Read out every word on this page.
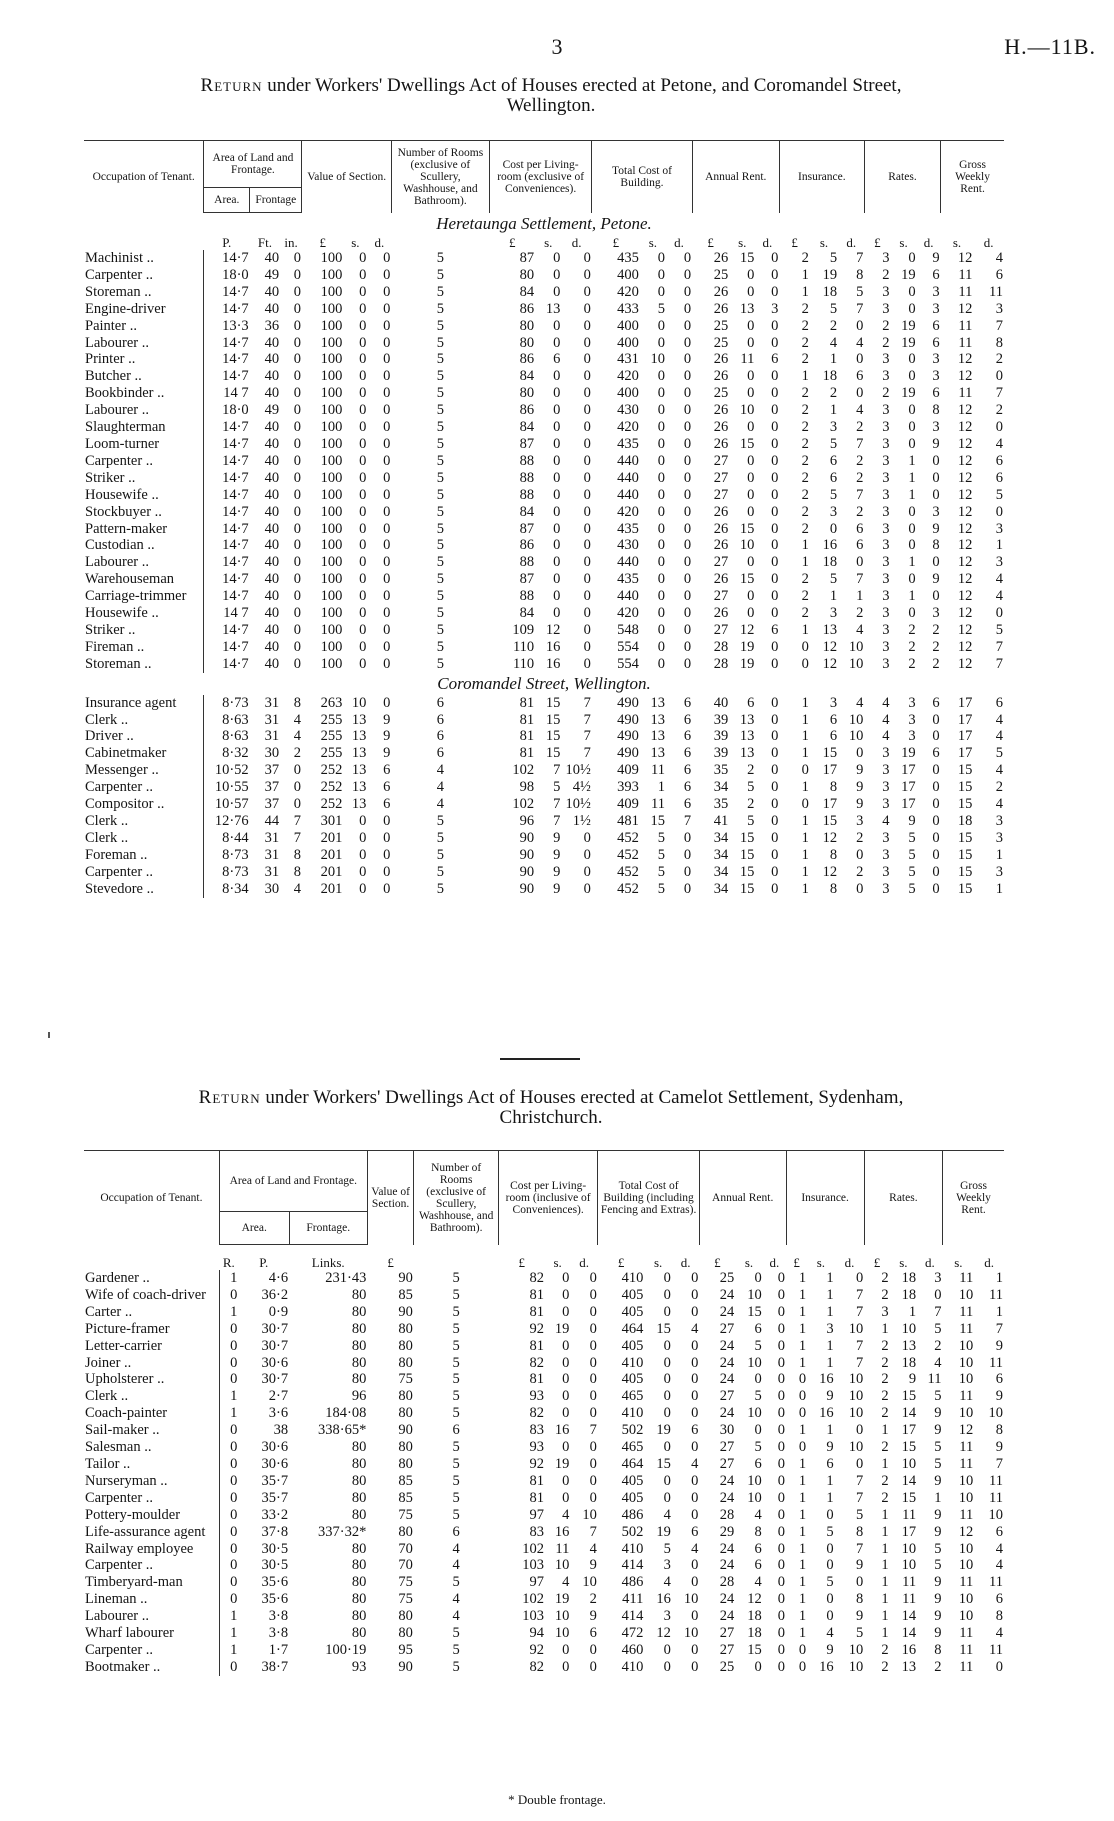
3	H.—11B.
Return under Workers' Dwellings Act of Houses erected at Petone, and Coromandel Street,
Wellington.
Occupation of Tenant.	Area of Land and Frontage.			Value of Section.			Number of Rooms (exclusive of Scullery, Washhouse, and Bathroom).	Cost per Living-room (exclusive of Conveniences).			Total Cost of Building.			Annual Rent.			Insurance.			Rates.			Gross Weekly Rent.	
	Area.	Frontage																						
Heretaunga Settlement, Petone.																								
	P.	Ft.	in.	£	s.	d.		£	s.	d.	£	s.	d.	£	s.	d.	£	s.	d.	£	s.	d.	s.	d.
Machinist ..	14·7	40	0	100	0	0	5	87	0	0	435	0	0	26	15	0	2	5	7	3	0	9	12	4
Carpenter ..	18·0	49	0	100	0	0	5	80	0	0	400	0	0	25	0	0	1	19	8	2	19	6	11	6
Storeman ..	14·7	40	0	100	0	0	5	84	0	0	420	0	0	26	0	0	1	18	5	3	0	3	11	11
Engine-driver	14·7	40	0	100	0	0	5	86	13	0	433	5	0	26	13	3	2	5	7	3	0	3	12	3
Painter ..	13·3	36	0	100	0	0	5	80	0	0	400	0	0	25	0	0	2	2	0	2	19	6	11	7
Labourer ..	14·7	40	0	100	0	0	5	80	0	0	400	0	0	25	0	0	2	4	4	2	19	6	11	8
Printer ..	14·7	40	0	100	0	0	5	86	6	0	431	10	0	26	11	6	2	1	0	3	0	3	12	2
Butcher ..	14·7	40	0	100	0	0	5	84	0	0	420	0	0	26	0	0	1	18	6	3	0	3	12	0
Bookbinder ..	14 7	40	0	100	0	0	5	80	0	0	400	0	0	25	0	0	2	2	0	2	19	6	11	7
Labourer ..	18·0	49	0	100	0	0	5	86	0	0	430	0	0	26	10	0	2	1	4	3	0	8	12	2
Slaughterman	14·7	40	0	100	0	0	5	84	0	0	420	0	0	26	0	0	2	3	2	3	0	3	12	0
Loom-turner	14·7	40	0	100	0	0	5	87	0	0	435	0	0	26	15	0	2	5	7	3	0	9	12	4
Carpenter ..	14·7	40	0	100	0	0	5	88	0	0	440	0	0	27	0	0	2	6	2	3	1	0	12	6
Striker ..	14·7	40	0	100	0	0	5	88	0	0	440	0	0	27	0	0	2	6	2	3	1	0	12	6
Housewife ..	14·7	40	0	100	0	0	5	88	0	0	440	0	0	27	0	0	2	5	7	3	1	0	12	5
Stockbuyer ..	14·7	40	0	100	0	0	5	84	0	0	420	0	0	26	0	0	2	3	2	3	0	3	12	0
Pattern-maker	14·7	40	0	100	0	0	5	87	0	0	435	0	0	26	15	0	2	0	6	3	0	9	12	3
Custodian ..	14·7	40	0	100	0	0	5	86	0	0	430	0	0	26	10	0	1	16	6	3	0	8	12	1
Labourer ..	14·7	40	0	100	0	0	5	88	0	0	440	0	0	27	0	0	1	18	0	3	1	0	12	3
Warehouseman	14·7	40	0	100	0	0	5	87	0	0	435	0	0	26	15	0	2	5	7	3	0	9	12	4
Carriage-trimmer	14·7	40	0	100	0	0	5	88	0	0	440	0	0	27	0	0	2	1	1	3	1	0	12	4
Housewife ..	14 7	40	0	100	0	0	5	84	0	0	420	0	0	26	0	0	2	3	2	3	0	3	12	0
Striker ..	14·7	40	0	100	0	0	5	109	12	0	548	0	0	27	12	6	1	13	4	3	2	2	12	5
Fireman ..	14·7	40	0	100	0	0	5	110	16	0	554	0	0	28	19	0	0	12	10	3	2	2	12	7
Storeman ..	14·7	40	0	100	0	0	5	110	16	0	554	0	0	28	19	0	0	12	10	3	2	2	12	7
Coromandel Street, Wellington.																								
Insurance agent	8·73	31	8	263	10	0	6	81	15	7	490	13	6	40	6	0	1	3	4	4	3	6	17	6
Clerk ..	8·63	31	4	255	13	9	6	81	15	7	490	13	6	39	13	0	1	6	10	4	3	0	17	4
Driver ..	8·63	31	4	255	13	9	6	81	15	7	490	13	6	39	13	0	1	6	10	4	3	0	17	4
Cabinetmaker	8·32	30	2	255	13	9	6	81	15	7	490	13	6	39	13	0	1	15	0	3	19	6	17	5
Messenger ..	10·52	37	0	252	13	6	4	102	7	10½	409	11	6	35	2	0	0	17	9	3	17	0	15	4
Carpenter ..	10·55	37	0	252	13	6	4	98	5	4½	393	1	6	34	5	0	1	8	9	3	17	0	15	2
Compositor ..	10·57	37	0	252	13	6	4	102	7	10½	409	11	6	35	2	0	0	17	9	3	17	0	15	4
Clerk ..	12·76	44	7	301	0	0	5	96	7	1½	481	15	7	41	5	0	1	15	3	4	9	0	18	3
Clerk ..	8·44	31	7	201	0	0	5	90	9	0	452	5	0	34	15	0	1	12	2	3	5	0	15	3
Foreman ..	8·73	31	8	201	0	0	5	90	9	0	452	5	0	34	15	0	1	8	0	3	5	0	15	1
Carpenter ..	8·73	31	8	201	0	0	5	90	9	0	452	5	0	34	15	0	1	12	2	3	5	0	15	3
Stevedore ..	8·34	30	4	201	0	0	5	90	9	0	452	5	0	34	15	0	1	8	0	3	5	0	15	1
Return under Workers' Dwellings Act of Houses erected at Camelot Settlement, Sydenham,
Christchurch.
Occupation of Tenant.	Area of Land and Frontage.			Value of Section.	Number of Rooms (exclusive of Scullery, Washhouse, and Bathroom).	Cost per Living-room (inclusive of Conveniences).			Total Cost of Building (including Fencing and Extras).			Annual Rent.			Insurance.			Rates.			Gross Weekly Rent.	
	Area.		Frontage.																			

	R.	P.	Links.	£		£	s.	d.	£	s.	d.	£	s.	d.	£	s.	d.	£	s.	d.	s.	d.
Gardener ..	1	4·6	231·43	90	5	82	0	0	410	0	0	25	0	0	1	1	0	2	18	3	11	1
Wife of coach-driver	0	36·2	80	85	5	81	0	0	405	0	0	24	10	0	1	1	7	2	18	0	10	11
Carter ..	1	0·9	80	90	5	81	0	0	405	0	0	24	15	0	1	1	7	3	1	7	11	1
Picture-framer	0	30·7	80	80	5	92	19	0	464	15	4	27	6	0	1	3	10	1	10	5	11	7
Letter-carrier	0	30·7	80	80	5	81	0	0	405	0	0	24	5	0	1	1	7	2	13	2	10	9
Joiner ..	0	30·6	80	80	5	82	0	0	410	0	0	24	10	0	1	1	7	2	18	4	10	11
Upholsterer ..	0	30·7	80	75	5	81	0	0	405	0	0	24	0	0	0	16	10	2	9	11	10	6
Clerk ..	1	2·7	96	80	5	93	0	0	465	0	0	27	5	0	0	9	10	2	15	5	11	9
Coach-painter	1	3·6	184·08	80	5	82	0	0	410	0	0	24	10	0	0	16	10	2	14	9	10	10
Sail-maker ..	0	38	338·65*	90	6	83	16	7	502	19	6	30	0	0	1	1	0	1	17	9	12	8
Salesman ..	0	30·6	80	80	5	93	0	0	465	0	0	27	5	0	0	9	10	2	15	5	11	9
Tailor ..	0	30·6	80	80	5	92	19	0	464	15	4	27	6	0	1	6	0	1	10	5	11	7
Nurseryman ..	0	35·7	80	85	5	81	0	0	405	0	0	24	10	0	1	1	7	2	14	9	10	11
Carpenter ..	0	35·7	80	85	5	81	0	0	405	0	0	24	10	0	1	1	7	2	15	1	10	11
Pottery-moulder	0	33·2	80	75	5	97	4	10	486	4	0	28	4	0	1	0	5	1	11	9	11	10
Life-assurance agent	0	37·8	337·32*	80	6	83	16	7	502	19	6	29	8	0	1	5	8	1	17	9	12	6
Railway employee	0	30·5	80	70	4	102	11	4	410	5	4	24	6	0	1	0	7	1	10	5	10	4
Carpenter ..	0	30·5	80	70	4	103	10	9	414	3	0	24	6	0	1	0	9	1	10	5	10	4
Timberyard-man	0	35·6	80	75	5	97	4	10	486	4	0	28	4	0	1	5	0	1	11	9	11	11
Lineman ..	0	35·6	80	75	4	102	19	2	411	16	10	24	12	0	1	0	8	1	11	9	10	6
Labourer ..	1	3·8	80	80	4	103	10	9	414	3	0	24	18	0	1	0	9	1	14	9	10	8
Wharf labourer	1	3·8	80	80	5	94	10	6	472	12	10	27	18	0	1	4	5	1	14	9	11	4
Carpenter ..	1	1·7	100·19	95	5	92	0	0	460	0	0	27	15	0	0	9	10	2	16	8	11	11
Bootmaker ..	0	38·7	93	90	5	82	0	0	410	0	0	25	0	0	0	16	10	2	13	2	11	0
* Double frontage.
